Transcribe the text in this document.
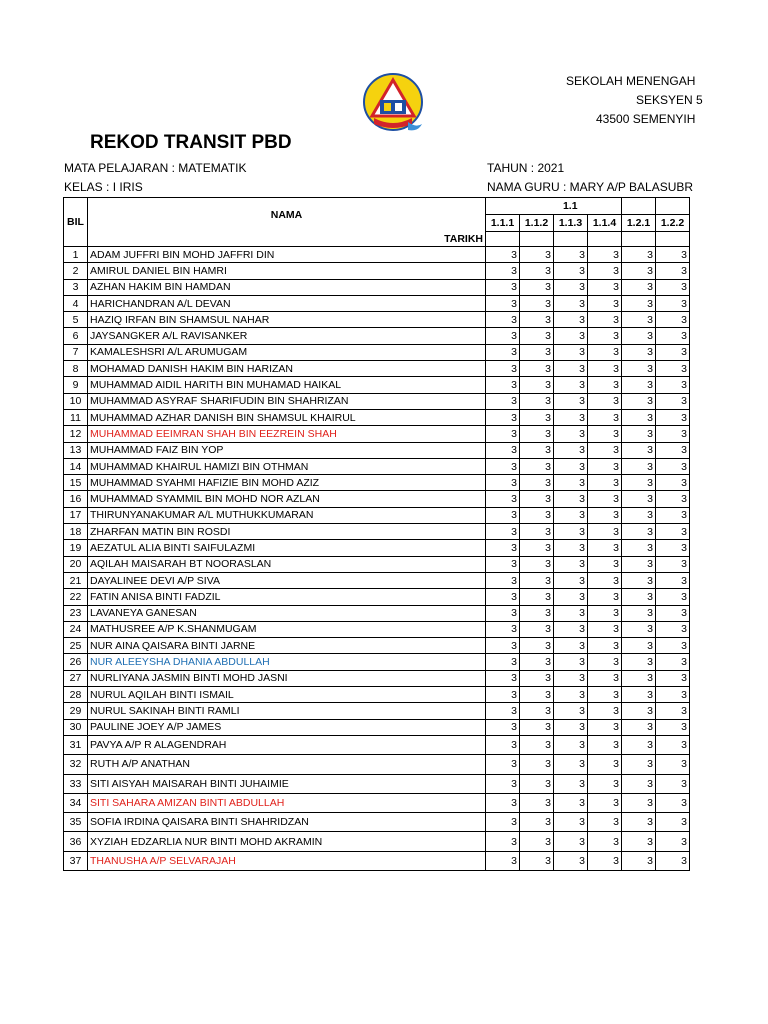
SEKOLAH MENENGAH
SEKSYEN 5
43500 SEMENYIH
REKOD TRANSIT PBD
MATA PELAJARAN : MATEMATIK
KELAS : I IRIS
TAHUN : 2021
NAMA GURU : MARY A/P BALASUBR
BIL	NAMA		1.1				
		1.1.1	1.1.2	1.1.3	1.1.4	1.2.1	1.2.2
	TARIKH						
1	ADAM JUFFRI BIN MOHD JAFFRI DIN	3	3	3	3	3	3
2	AMIRUL DANIEL BIN HAMRI	3	3	3	3	3	3
3	AZHAN HAKIM BIN HAMDAN	3	3	3	3	3	3
4	HARICHANDRAN A/L DEVAN	3	3	3	3	3	3
5	HAZIQ IRFAN BIN SHAMSUL NAHAR	3	3	3	3	3	3
6	JAYSANGKER A/L RAVISANKER	3	3	3	3	3	3
7	KAMALESHSRI A/L ARUMUGAM	3	3	3	3	3	3
8	MOHAMAD DANISH HAKIM BIN HARIZAN	3	3	3	3	3	3
9	MUHAMMAD AIDIL HARITH BIN MUHAMAD HAIKAL	3	3	3	3	3	3
10	MUHAMMAD ASYRAF SHARIFUDIN BIN SHAHRIZAN	3	3	3	3	3	3
11	MUHAMMAD AZHAR DANISH BIN SHAMSUL KHAIRUL	3	3	3	3	3	3
12	MUHAMMAD EEIMRAN SHAH BIN EEZREIN SHAH	3	3	3	3	3	3
13	MUHAMMAD FAIZ BIN YOP	3	3	3	3	3	3
14	MUHAMMAD KHAIRUL HAMIZI BIN OTHMAN	3	3	3	3	3	3
15	MUHAMMAD SYAHMI HAFIZIE BIN MOHD AZIZ	3	3	3	3	3	3
16	MUHAMMAD SYAMMIL BIN MOHD NOR AZLAN	3	3	3	3	3	3
17	THIRUNYANAKUMAR A/L MUTHUKKUMARAN	3	3	3	3	3	3
18	ZHARFAN MATIN BIN ROSDI	3	3	3	3	3	3
19	AEZATUL ALIA BINTI SAIFULAZMI	3	3	3	3	3	3
20	AQILAH MAISARAH BT NOORASLAN	3	3	3	3	3	3
21	DAYALINEE DEVI A/P SIVA	3	3	3	3	3	3
22	FATIN ANISA BINTI FADZIL	3	3	3	3	3	3
23	LAVANEYA GANESAN	3	3	3	3	3	3
24	MATHUSREE A/P K.SHANMUGAM	3	3	3	3	3	3
25	NUR AINA QAISARA BINTI JARNE	3	3	3	3	3	3
26	NUR ALEEYSHA DHANIA ABDULLAH	3	3	3	3	3	3
27	NURLIYANA JASMIN BINTI MOHD JASNI	3	3	3	3	3	3
28	NURUL AQILAH BINTI ISMAIL	3	3	3	3	3	3
29	NURUL SAKINAH BINTI RAMLI	3	3	3	3	3	3
30	PAULINE JOEY A/P JAMES	3	3	3	3	3	3
31	PAVYA A/P R ALAGENDRAH	3	3	3	3	3	3
32	RUTH A/P ANATHAN	3	3	3	3	3	3
33	SITI AISYAH MAISARAH BINTI JUHAIMIE	3	3	3	3	3	3
34	SITI SAHARA AMIZAN BINTI ABDULLAH	3	3	3	3	3	3
35	SOFIA IRDINA QAISARA BINTI SHAHRIDZAN	3	3	3	3	3	3
36	XYZIAH EDZARLIA NUR BINTI MOHD AKRAMIN	3	3	3	3	3	3
37	THANUSHA A/P SELVARAJAH	3	3	3	3	3	3
